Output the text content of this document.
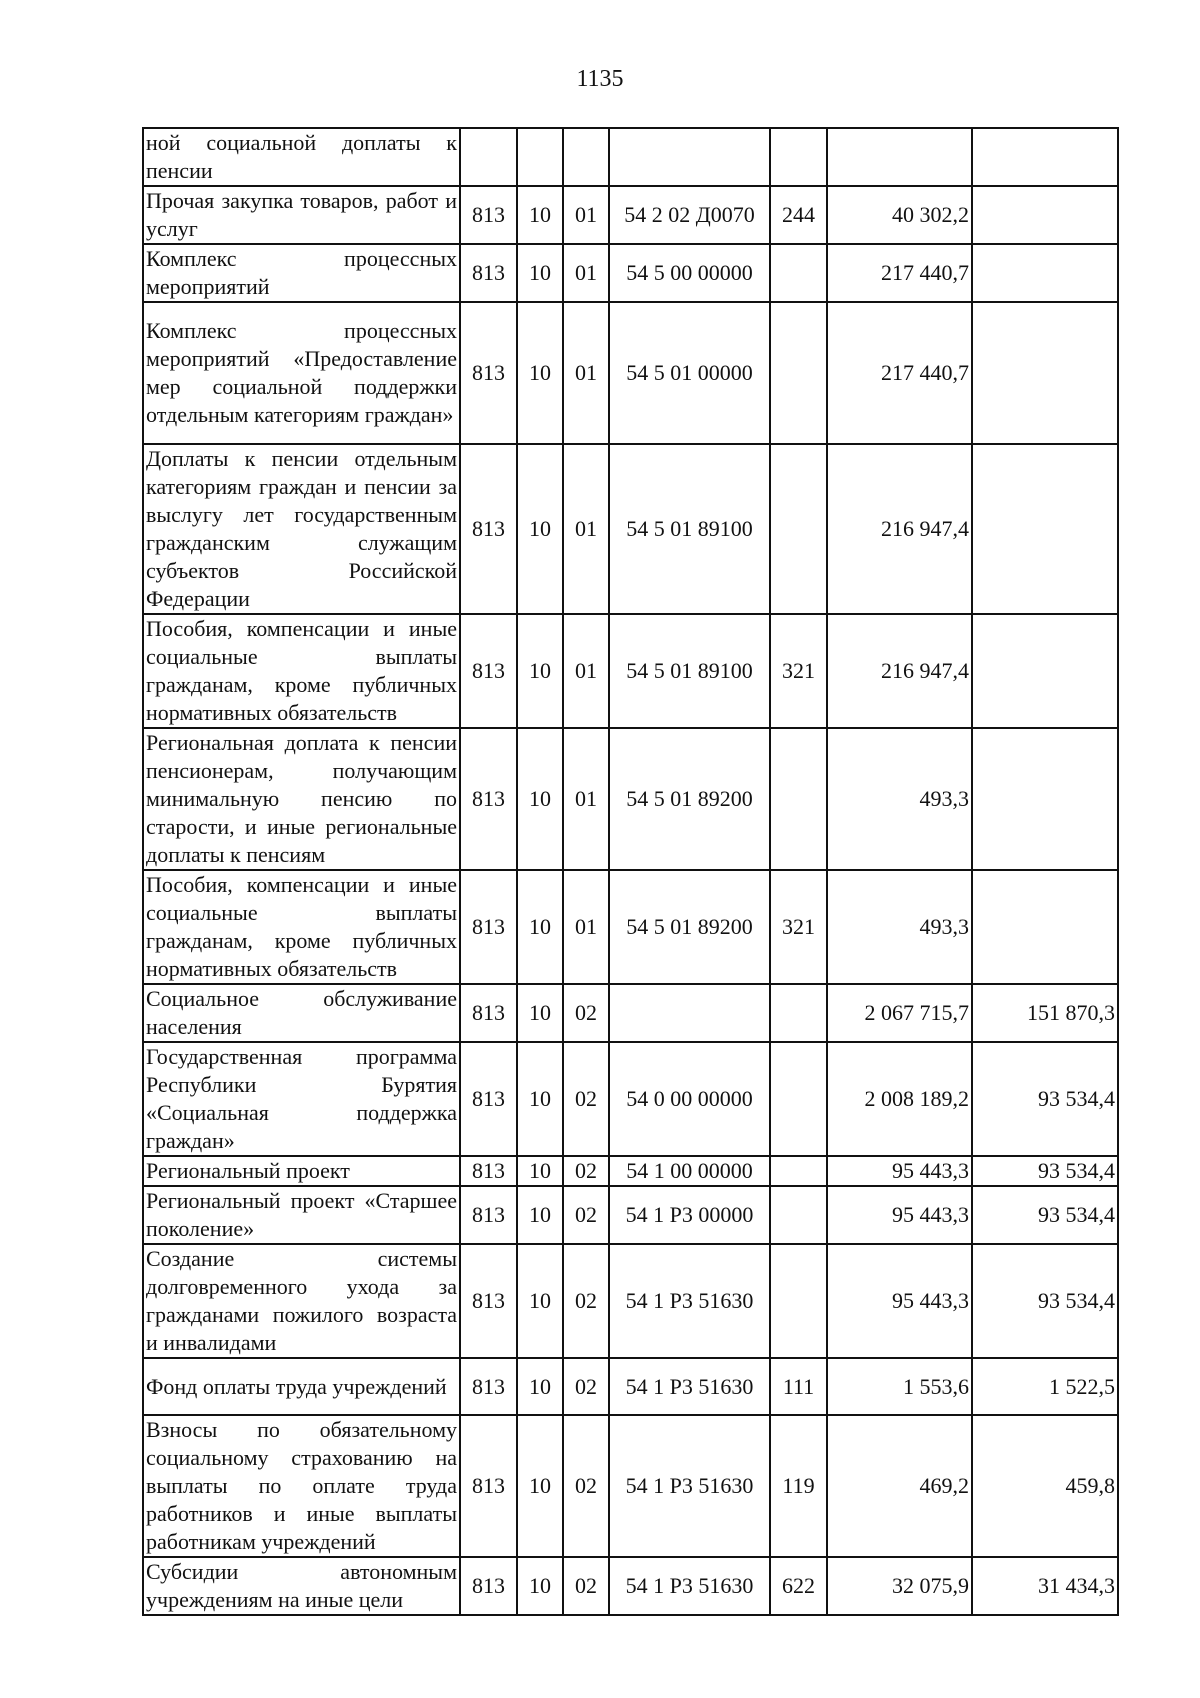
1135
ной социальной доплаты к пенсии							
Прочая закупка товаров, работ и услуг	813	10	01	54 2 02 Д0070	244	40 302,2	
Комплекс процессных мероприятий	813	10	01	54 5 00 00000		217 440,7	
Комплекс процессных мероприятий «Предоставление мер социальной поддержки отдельным категориям граждан»	813	10	01	54 5 01 00000		217 440,7	
Доплаты к пенсии отдельным категориям граждан и пенсии за выслугу лет государственным гражданским служащим субъектов Российской Федерации	813	10	01	54 5 01 89100		216 947,4	
Пособия, компенсации и иные социальные выплаты гражданам, кроме публичных нормативных обязательств	813	10	01	54 5 01 89100	321	216 947,4	
Региональная доплата к пенсии пенсионерам, получающим минимальную пенсию по старости, и иные региональные доплаты к пенсиям	813	10	01	54 5 01 89200		493,3	
Пособия, компенсации и иные социальные выплаты гражданам, кроме публичных нормативных обязательств	813	10	01	54 5 01 89200	321	493,3	
Социальное обслуживание населения	813	10	02			2 067 715,7	151 870,3
Государственная программа Республики Бурятия «Социальная поддержка граждан»	813	10	02	54 0 00 00000		2 008 189,2	93 534,4
Региональный проект	813	10	02	54 1 00 00000		95 443,3	93 534,4
Региональный проект «Старшее поколение»	813	10	02	54 1 Р3 00000		95 443,3	93 534,4
Создание системы долговременного ухода за гражданами пожилого возраста и инвалидами	813	10	02	54 1 Р3 51630		95 443,3	93 534,4
Фонд оплаты труда учреждений	813	10	02	54 1 Р3 51630	111	1 553,6	1 522,5
Взносы по обязательному социальному страхованию на выплаты по оплате труда работников и иные выплаты работникам учреждений	813	10	02	54 1 Р3 51630	119	469,2	459,8
Субсидии автономным учреждениям на иные цели	813	10	02	54 1 Р3 51630	622	32 075,9	31 434,3
